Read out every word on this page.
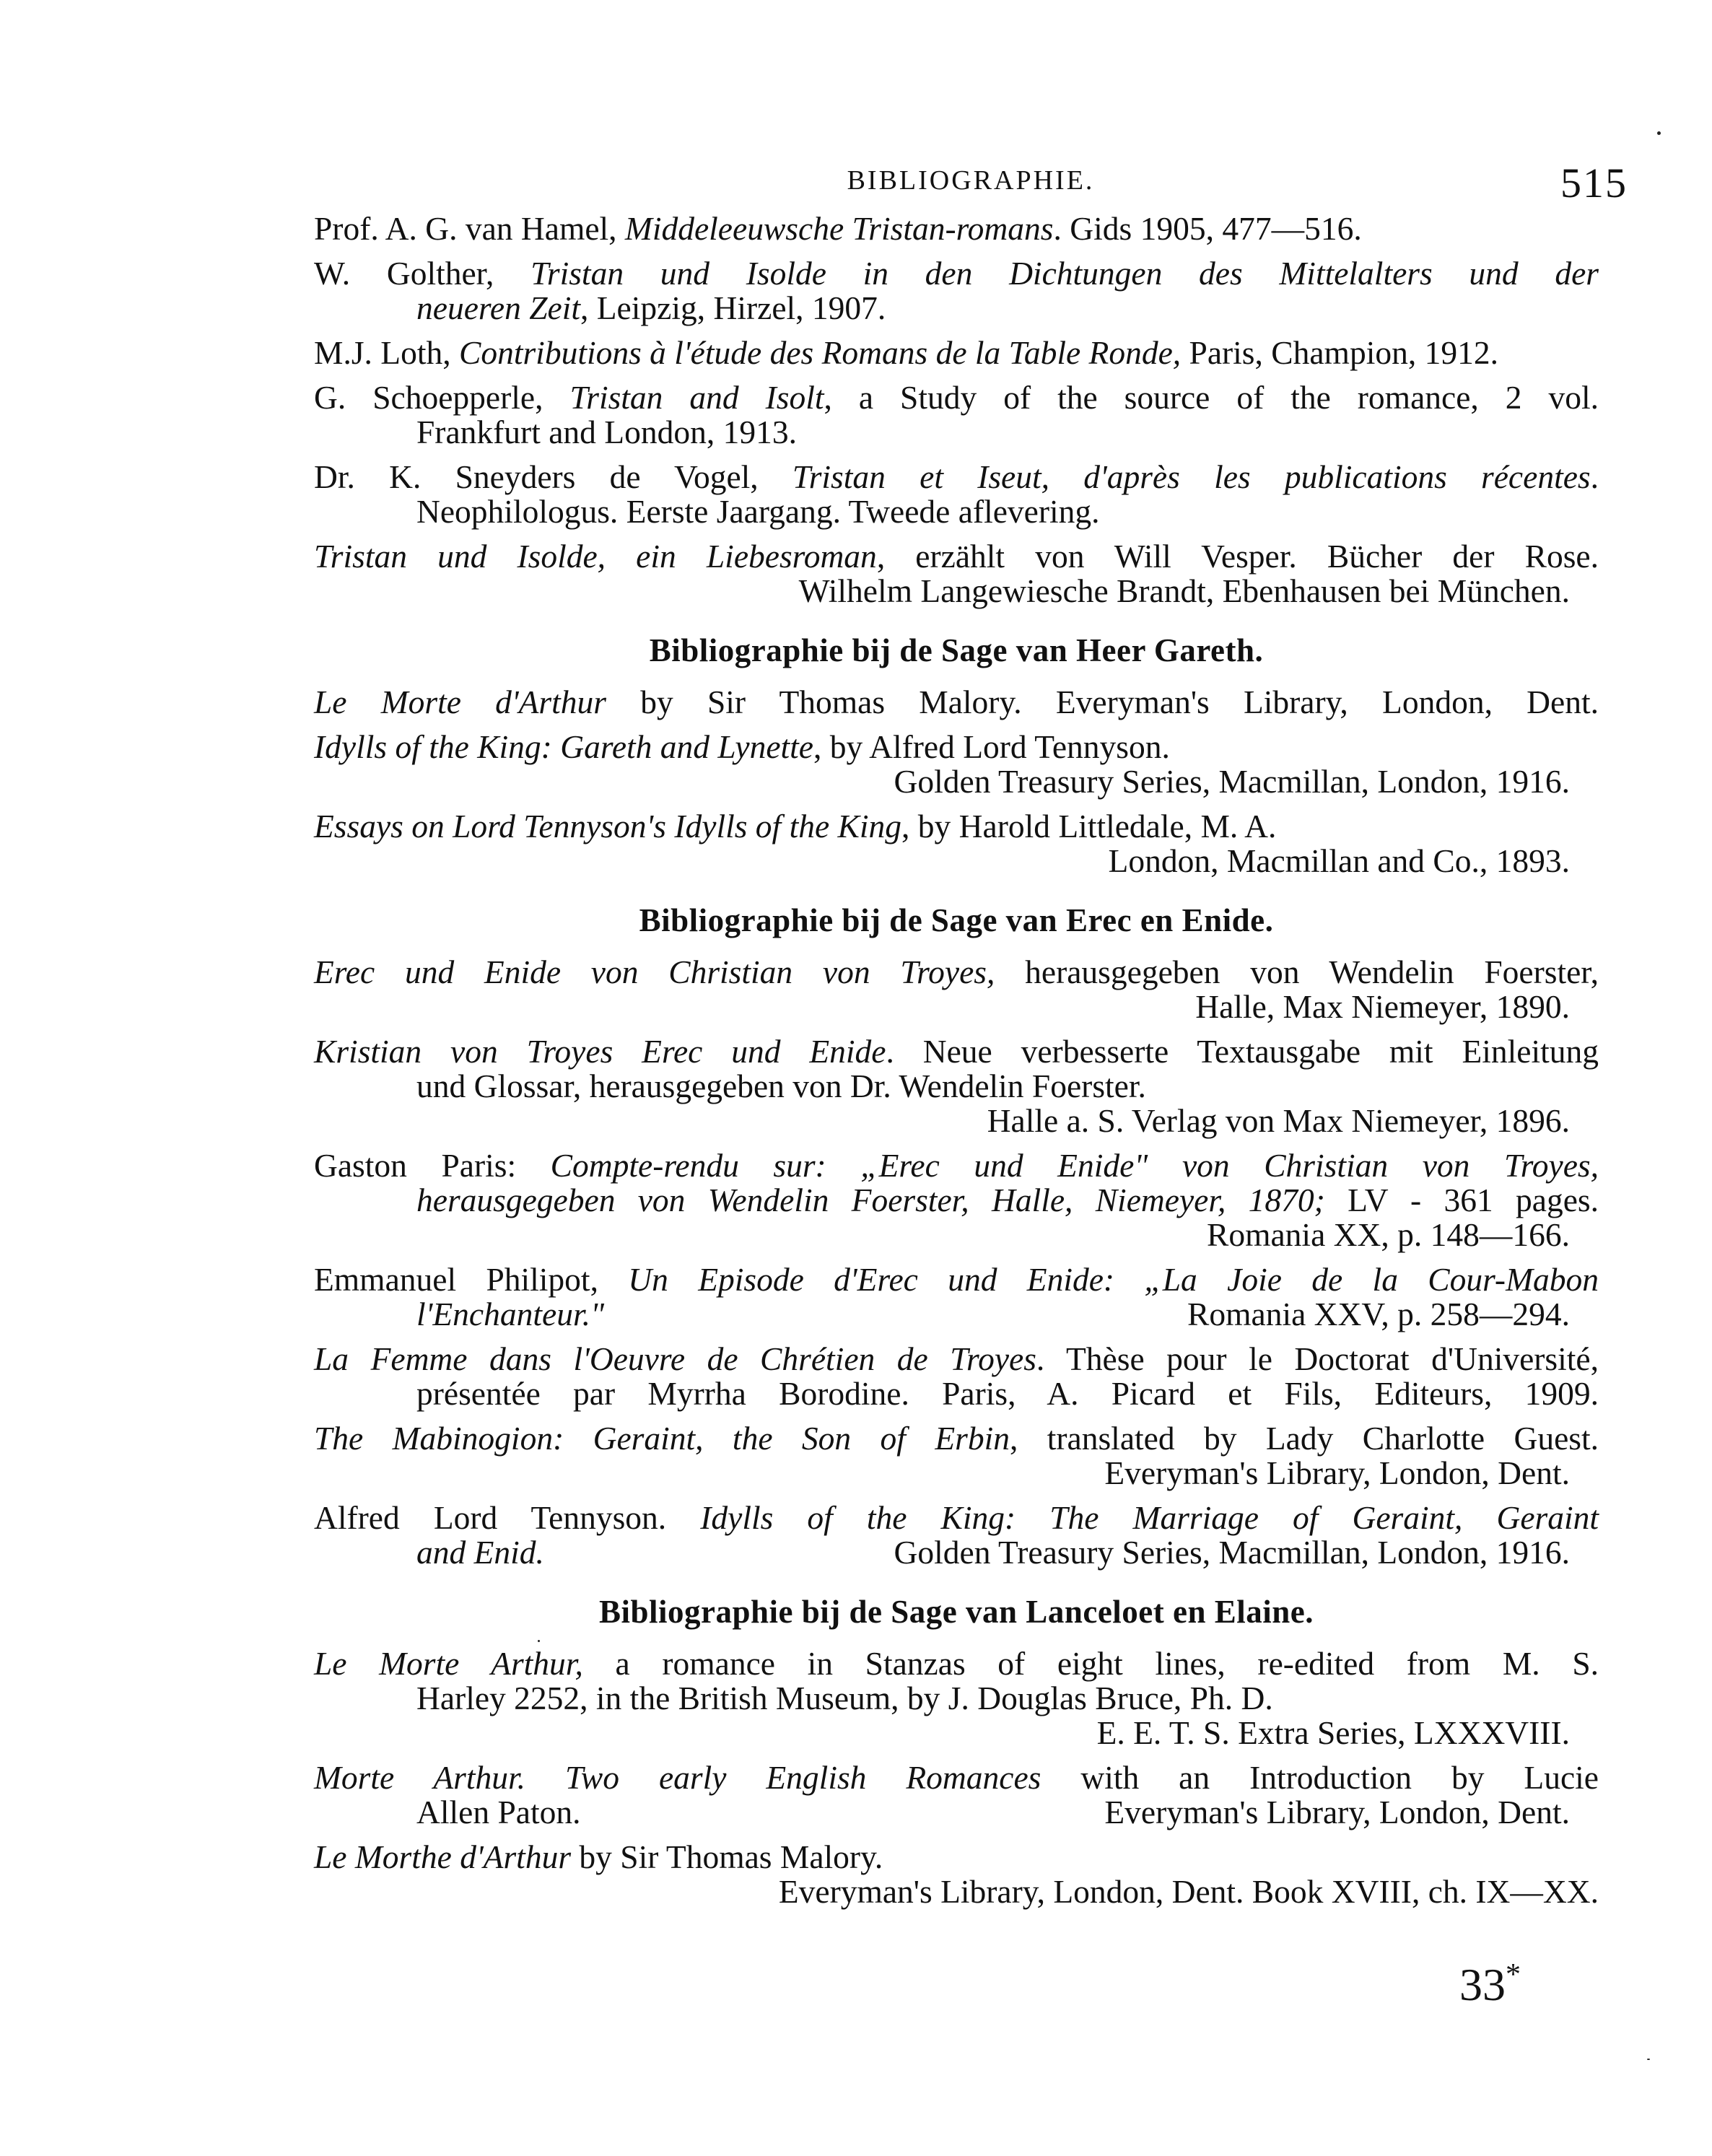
BIBLIOGRAPHIE.	515
Prof. A. G. van Hamel, Middeleeuwsche Tristan-romans. Gids 1905, 477—516.
W. Golther, Tristan und Isolde in den Dichtungen des Mittelalters und der
neueren Zeit, Leipzig, Hirzel, 1907.
M.J. Loth, Contributions à l'étude des Romans de la Table Ronde, Paris, Champion, 1912.
G. Schoepperle, Tristan and Isolt, a Study of the source of the romance, 2 vol.
Frankfurt and London, 1913.
Dr. K. Sneyders de Vogel, Tristan et Iseut, d'après les publications récentes.
Neophilologus. Eerste Jaargang. Tweede aflevering.
Tristan und Isolde, ein Liebesroman, erzählt von Will Vesper. Bücher der Rose.
Wilhelm Langewiesche Brandt, Ebenhausen bei München.
Bibliographie bij de Sage van Heer Gareth.
Le Morte d'Arthur by Sir Thomas Malory. Everyman's Library, London, Dent.
Idylls of the King: Gareth and Lynette, by Alfred Lord Tennyson.
Golden Treasury Series, Macmillan, London, 1916.
Essays on Lord Tennyson's Idylls of the King, by Harold Littledale, M. A.
London, Macmillan and Co., 1893.
Bibliographie bij de Sage van Erec en Enide.
Erec und Enide von Christian von Troyes, herausgegeben von Wendelin Foerster,
Halle, Max Niemeyer, 1890.
Kristian von Troyes Erec und Enide. Neue verbesserte Textausgabe mit Einleitung
und Glossar, herausgegeben von Dr. Wendelin Foerster.
Halle a. S. Verlag von Max Niemeyer, 1896.
Gaston Paris: Compte-rendu sur: „Erec und Enide" von Christian von Troyes,
herausgegeben von Wendelin Foerster, Halle, Niemeyer, 1870; LV - 361 pages.
Romania XX, p. 148—166.
Emmanuel Philipot, Un Episode d'Erec und Enide: „La Joie de la Cour-Mabon
l'Enchanteur."	Romania XXV, p. 258—294.
La Femme dans l'Oeuvre de Chrétien de Troyes. Thèse pour le Doctorat d'Université,
présentée par Myrrha Borodine. Paris, A. Picard et Fils, Editeurs, 1909.
The Mabinogion: Geraint, the Son of Erbin, translated by Lady Charlotte Guest.
Everyman's Library, London, Dent.
Alfred Lord Tennyson. Idylls of the King: The Marriage of Geraint, Geraint
and Enid.	Golden Treasury Series, Macmillan, London, 1916.
Bibliographie bij de Sage van Lanceloet en Elaine.
Le Morte Arthur, a romance in Stanzas of eight lines, re-edited from M. S.
Harley 2252, in the British Museum, by J. Douglas Bruce, Ph. D.
E. E. T. S. Extra Series, LXXXVIII.
Morte Arthur. Two early English Romances with an Introduction by Lucie
Allen Paton.	Everyman's Library, London, Dent.
Le Morthe d'Arthur by Sir Thomas Malory.
Everyman's Library, London, Dent. Book XVIII, ch. IX—XX.
33*
